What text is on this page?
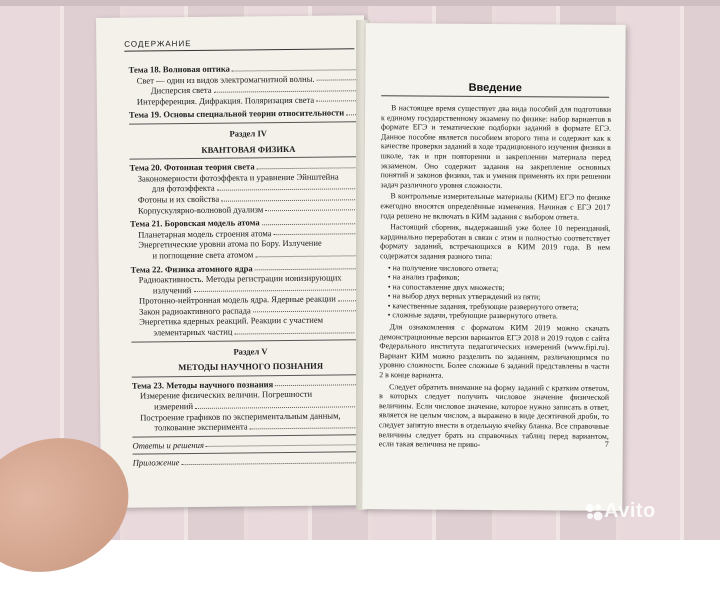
СОДЕРЖАНИЕ
Тема 18. Волновая оптика
Свет — один из видов электромагнитной волны.
Дисперсия света
Интерференция. Дифракция. Поляризация света
Тема 19. Основы специальной теории относительности
Раздел IV
КВАНТОВАЯ ФИЗИКА
Тема 20. Фотонная теория света
Закономерности фотоэффекта и уравнение Эйнштейна
для фотоэффекта
Фотоны и их свойства
Корпускулярно-волновой дуализм
Тема 21. Боровская модель атома
Планетарная модель строения атома
Энергетические уровни атома по Бору. Излучение
и поглощение света атомом
Тема 22. Физика атомного ядра
Радиоактивность. Методы регистрации ионизирующих
излучений
Протонно-нейтронная модель ядра. Ядерные реакции
Закон радиоактивного распада
Энергетика ядерных реакций. Реакции с участием
элементарных частиц
Раздел V
МЕТОДЫ НАУЧНОГО ПОЗНАНИЯ
Тема 23. Методы научного познания
Измерение физических величин. Погрешности
измерений
Построение графиков по экспериментальным данным,
толкование эксперимента
Ответы и решения
Приложение
Введение

В настоящее время существует два вида пособий для подготовки к единому государственному экзамену по физике: набор вариантов в формате ЕГЭ и тематические подборки заданий в формате ЕГЭ. Данное пособие является пособием второго типа и содержит как к качестве проверки заданий в ходе традиционного изучения физики в школе, так и при повторении и закреплении материала перед экзаменом. Оно содержит задания на закрепление основных понятий и законов физики, так и умения применять их при решении задач различного уровня сложности.

В контрольные измерительные материалы (КИМ) ЕГЭ по физике ежегодно вносятся определённые изменения. Начиная с ЕГЭ 2017 года решено не включать в КИМ задания с выбором ответа.

Настоящий сборник, выдержавший уже более 10 переизданий, кардинально переработан в связи с этим и полностью соответствует формату заданий, встречающихся в КИМ 2019 года. В нем содержатся задания разного типа:

• на получение числового ответа;
• на анализ графиков;
• на сопоставление двух множеств;
• на выбор двух верных утверждений из пяти;
• качественные задания, требующие развернутого ответа;
• сложные задачи, требующие развернутого ответа.

Для ознакомления с форматом КИМ 2019 можно скачать демонстрационные версии вариантов ЕГЭ 2018 и 2019 годов с сайта Федерального института педагогических измерений (www.fipi.ru). Вариант КИМ можно разделить по заданиям, различающимся по уровню сложности. Более сложные 6 заданий представлены в части 2 в конце варианта.

Следует обратить внимание на форму заданий с кратким ответом, в которых следует получить числовое значение физической величины. Если числовое значение, которое нужно записать в ответ, является не целым числом, а выражено в виде десятичной дроби, то следует запятую внести в отдельную ячейку бланка. Все справочные величины следует брать из справочных таблиц перед вариантом, если такая величина не приво-	7
Avito
